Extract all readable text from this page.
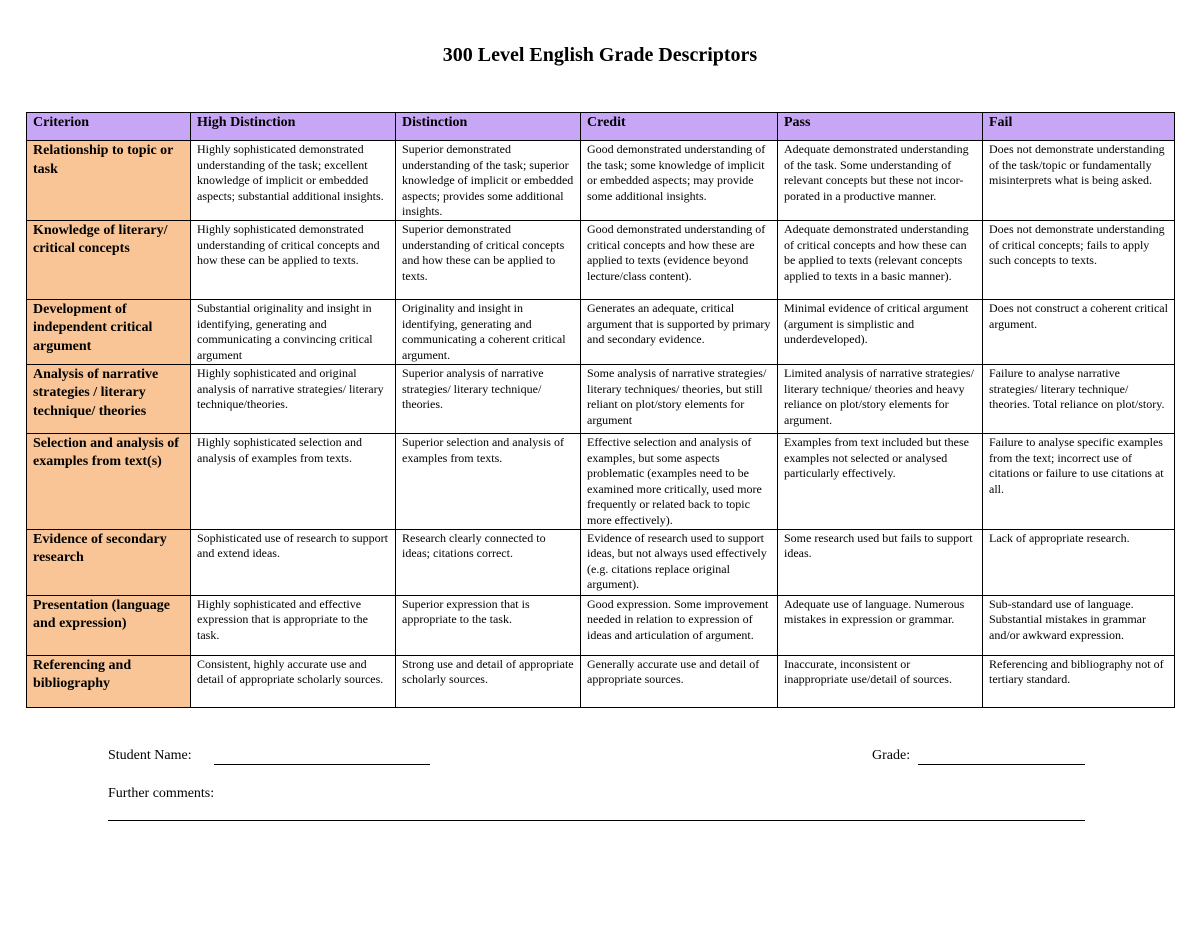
300 Level English Grade Descriptors
Criterion	High Distinction	Distinction	Credit	Pass	Fail
Relationship to topic or task	Highly sophisticated demonstrated understanding of the task; excellent knowledge of implicit or embedded aspects; substantial additional insights.	Superior demonstrated understanding of the task; superior knowledge of implicit or embedded aspects; provides some additional insights.	Good demonstrated understanding of the task; some knowledge of implicit or embedded aspects; may provide some additional insights.	Adequate demonstrated understanding of the task. Some understanding of relevant concepts but these not incor-porated in a productive manner.	Does not demonstrate understanding of the task/topic or fundamentally misinterprets what is being asked.
Knowledge of literary/ critical concepts	Highly sophisticated demonstrated understanding of critical concepts and how these can be applied to texts.	Superior demonstrated understanding of critical concepts and how these can be applied to texts.	Good demonstrated understanding of critical concepts and how these are applied to texts (evidence beyond lecture/class content).	Adequate demonstrated understanding of critical concepts and how these can be applied to texts (relevant concepts applied to texts in a basic manner).	Does not demonstrate understanding of critical concepts; fails to apply such concepts to texts.
Development of independent critical argument	Substantial originality and insight in identifying, generating and communicating a convincing critical argument	Originality and insight in identifying, generating and communicating a coherent critical argument.	Generates an adequate, critical argument that is supported by primary and secondary evidence.	Minimal evidence of critical argument (argument is simplistic and underdeveloped).	Does not construct a coherent critical argument.
Analysis of narrative strategies / literary technique/ theories	Highly sophisticated and original analysis of narrative strategies/ literary technique/theories.	Superior analysis of narrative strategies/ literary technique/ theories.	Some analysis of narrative strategies/ literary techniques/ theories, but still reliant on plot/story elements for argument	Limited analysis of narrative strategies/ literary technique/ theories and heavy reliance on plot/story elements for argument.	Failure to analyse narrative strategies/ literary technique/ theories. Total reliance on plot/story.
Selection and analysis of examples from text(s)	Highly sophisticated selection and analysis of examples from texts.	Superior selection and analysis of examples from texts.	Effective selection and analysis of examples, but some aspects problematic (examples need to be examined more critically, used more frequently or related back to topic more effectively).	Examples from text included but these examples not selected or analysed particularly effectively.	Failure to analyse specific examples from the text; incorrect use of citations or failure to use citations at all.
Evidence of secondary research	Sophisticated use of research to support and extend ideas.	Research clearly connected to ideas; citations correct.	Evidence of research used to support ideas, but not always used effectively (e.g. citations replace original argument).	Some research used but fails to support ideas.	Lack of appropriate research.
Presentation (language and expression)	Highly sophisticated and effective expression that is appropriate to the task.	Superior expression that is appropriate to the task.	Good expression. Some improvement needed in relation to expression of ideas and articulation of argument.	Adequate use of language. Numerous mistakes in expression or grammar.	Sub-standard use of language. Substantial mistakes in grammar and/or awkward expression.
Referencing and bibliography	Consistent, highly accurate use and detail of appropriate scholarly sources.	Strong use and detail of appropriate scholarly sources.	Generally accurate use and detail of appropriate sources.	Inaccurate, inconsistent or inappropriate use/detail of sources.	Referencing and bibliography not of tertiary standard.
Student Name:	Grade:
Further comments:
